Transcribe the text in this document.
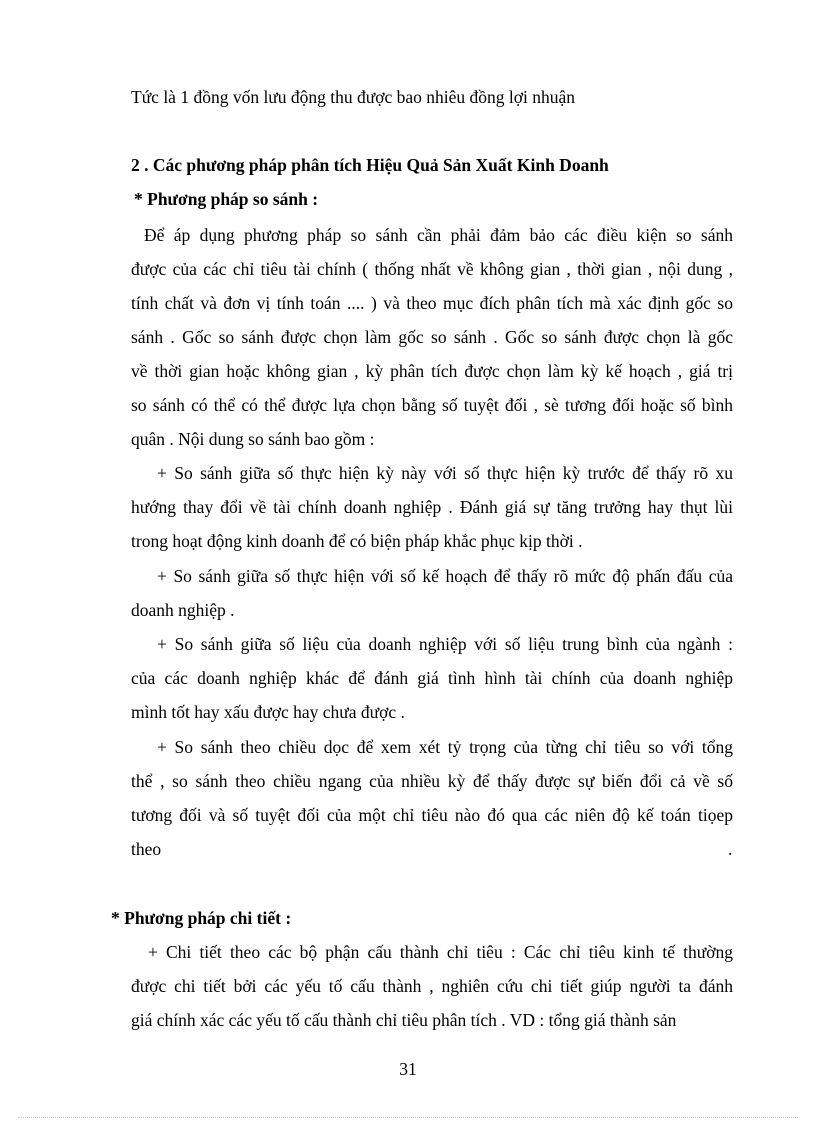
Tức là 1 đồng vốn lưu động thu được bao nhiêu đồng lợi nhuận
2 . Các phương pháp phân tích Hiệu Quả Sản Xuất Kinh Doanh
* Phương pháp so sánh :
Để áp dụng phương pháp so sánh cần phải đảm bảo các điều kiện so sánh
được của các chỉ tiêu tài chính ( thống nhất về không gian , thời gian , nội dung ,
tính chất và đơn vị tính toán .... ) và theo mục đích phân tích mà xác định gốc so
sánh . Gốc so sánh được chọn làm gốc so sánh . Gốc so sánh được chọn là gốc
về thời gian hoặc không gian , kỳ phân tích được chọn làm kỳ kế hoạch , giá trị
so sánh có thể có thể được lựa chọn bằng số tuyệt đối , sè tương đối hoặc số bình
quân . Nội dung so sánh bao gồm :
+ So sánh giữa số thực hiện kỳ này với số thực hiện kỳ trước để thấy rõ xu
hướng thay đổi về tài chính doanh nghiệp . Đánh giá sự tăng trưởng hay thụt lùi
trong hoạt động kinh doanh để có biện pháp khắc phục kịp thời .
+ So sánh giữa số thực hiện với số kế hoạch để thấy rõ mức độ phấn đấu của
doanh nghiệp .
+ So sánh giữa số liệu của doanh nghiệp với số liệu trung bình của ngành :
của các doanh nghiệp khác để đánh giá tình hình tài chính của doanh nghiệp
mình tốt hay xấu được hay chưa được .
+ So sánh theo chiều dọc để xem xét tỷ trọng của từng chỉ tiêu so với tổng
thể , so sánh theo chiều ngang của nhiều kỳ để thấy được sự biến đổi cả về số
tương đối và số tuyệt đối của một chỉ tiêu nào đó qua các niên độ kế toán tiọep
theo	.
* Phương pháp chi tiết :
+ Chi tiết theo các bộ phận cấu thành chỉ tiêu : Các chỉ tiêu kinh tế thường
được chi tiết bởi các yếu tố cấu thành , nghiên cứu chi tiết giúp người ta đánh
giá chính xác các yếu tố cấu thành chỉ tiêu phân tích . VD : tổng giá thành sản
31
